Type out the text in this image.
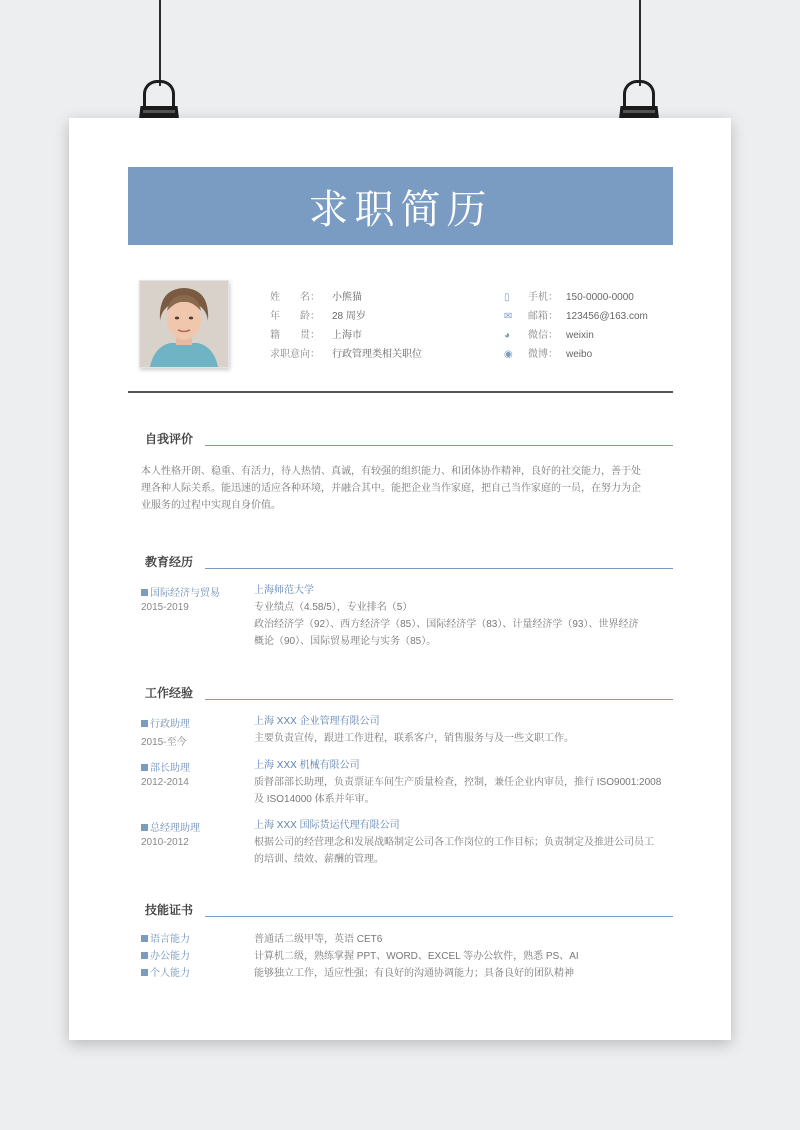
求职简历
姓　　名：	小熊猫
年　　龄：	28 周岁
籍　　贯：	上海市
求职意向：	行政管理类相关职位
▯	手机： 150-0000-0000
✉	邮箱： 123456@163.com
◕	微信： weixin
◉	微博： weibo
自我评价
本人性格开朗、稳重、有活力，待人热情、真诚，有较强的组织能力、和团体协作精神，良好的社交能力，善于处
理各种人际关系。能迅速的适应各种环境，并融合其中。能把企业当作家庭，把自己当作家庭的一员，在努力为企
业服务的过程中实现自身价值。
教育经历
国际经济与贸易
2015-2019
上海师范大学
专业绩点（4.58/5），专业排名（5）
政治经济学（92）、西方经济学（85）、国际经济学（83）、计量经济学（93）、世界经济
概论（90）、国际贸易理论与实务（85）。
工作经验
行政助理
2015-至今
上海 XXX 企业管理有限公司
主要负责宣传，跟进工作进程，联系客户，销售服务与及一些文职工作。
部长助理
2012-2014
上海 XXX 机械有限公司
质督部部长助理，负责票证车间生产质量检查，控制，兼任企业内审员，推行 ISO9001:2008
及 ISO14000 体系并年审。
总经理助理
2010-2012
上海 XXX 国际货运代理有限公司
根据公司的经营理念和发展战略制定公司各工作岗位的工作目标；负责制定及推进公司员工
的培训、绩效、薪酬的管理。
技能证书
语言能力	普通话二级甲等，英语 CET6
办公能力	计算机二级，熟练掌握 PPT、WORD、EXCEL 等办公软件，熟悉 PS、AI
个人能力	能够独立工作，适应性强；有良好的沟通协调能力；具备良好的团队精神
